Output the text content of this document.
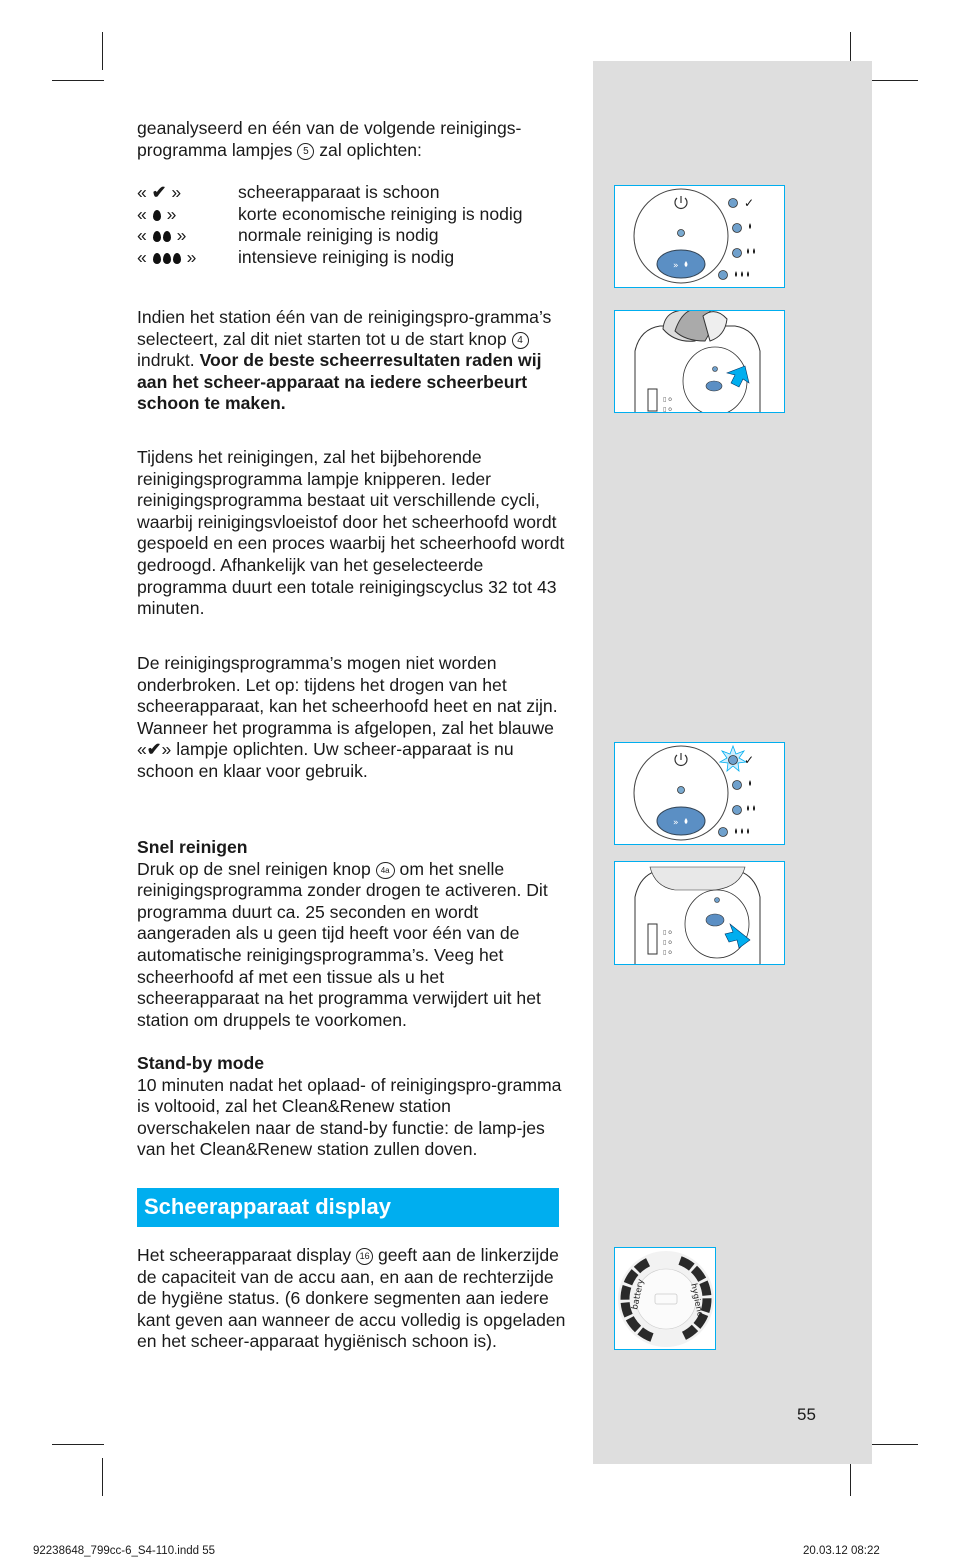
geanalyseerd en één van de volgende reinigings-programma lampjes 5 zal oplichten:

« ✔ »	scheerapparaat is schoon
«  »	korte economische reiniging is nodig
«  »	normale reiniging is nodig
«  » intensieve reiniging is nodig

Indien het station één van de reinigingspro-gramma’s selecteert, zal dit niet starten tot u de start knop 4 indrukt. Voor de beste scheerresultaten raden wij aan het scheer-apparaat na iedere scheerbeurt schoon te maken.

Tijdens het reinigingen, zal het bijbehorende reinigingsprogramma lampje knipperen. Ieder reinigingsprogramma bestaat uit verschillende cycli, waarbij reinigingsvloeistof door het scheerhoofd wordt gespoeld en een proces waarbij het scheerhoofd wordt gedroogd. Afhankelijk van het geselecteerde programma duurt een totale reinigingscyclus 32 tot 43 minuten.

De reinigingsprogramma’s mogen niet worden onderbroken. Let op: tijdens het drogen van het scheerapparaat, kan het scheerhoofd heet en nat zijn.

Wanneer het programma is afgelopen, zal het blauwe «✔» lampje oplichten. Uw scheer-apparaat is nu schoon en klaar voor gebruik.

Snel reinigen

Druk op de snel reinigen knop 4a om het snelle reinigingsprogramma zonder drogen te activeren. Dit programma duurt ca. 25 seconden en wordt aangeraden als u geen tijd heeft voor één van de automatische reinigingsprogramma’s. Veeg het scheerhoofd af met een tissue als u het scheerapparaat na het programma verwijdert uit het station om druppels te voorkomen.

Stand-by mode

10 minuten nadat het oplaad- of reinigingspro-gramma is voltooid, zal het Clean&Renew station overschakelen naar de stand-by functie: de lamp-jes van het Clean&Renew station zullen doven.

Scheerapparaat display

Het scheerapparaat display 16 geeft aan de linkerzijde de capaciteit van de accu aan, en aan de rechterzijde de hygiëne status. (6 donkere segmenten aan iedere kant geven aan wanneer de accu volledig is opgeladen en het scheer-apparaat hygiënisch schoon is).

»
✓
▯ o
▯ o
»
✓
▯ o
▯ o
▯ o
battery	hygiene
55
92238648_799cc-6_S4-110.indd 55	20.03.12 08:22
